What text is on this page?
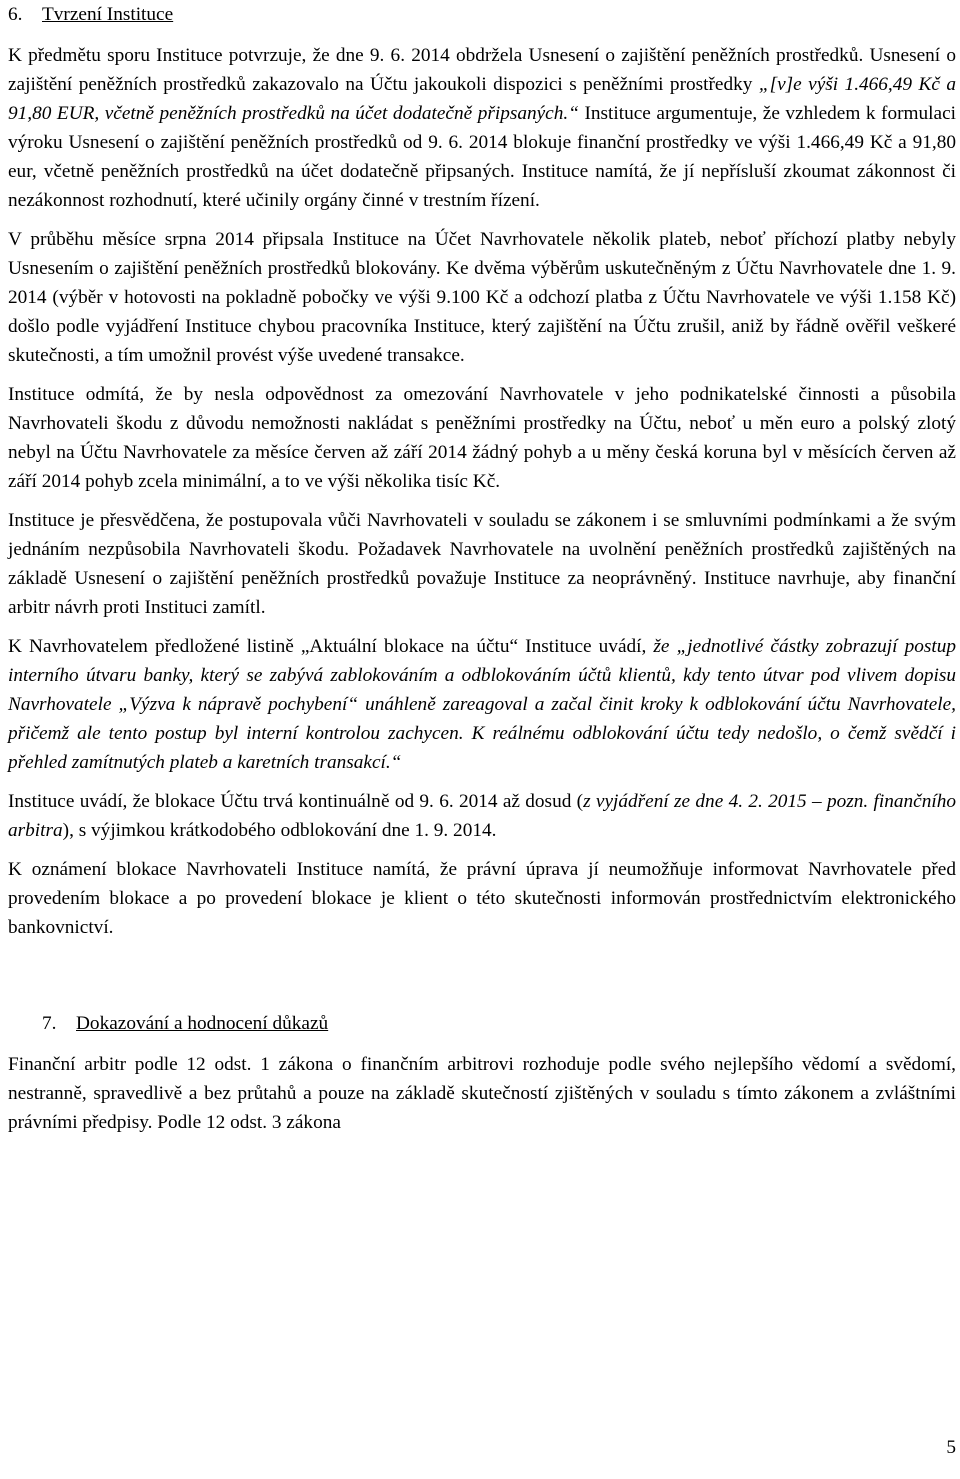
6. Tvrzení Instituce

K předmětu sporu Instituce potvrzuje, že dne 9. 6. 2014 obdržela Usnesení o zajištění peněžních prostředků. Usnesení o zajištění peněžních prostředků zakazovalo na Účtu jakoukoli dispozici s peněžními prostředky „[v]e výši 1.466,49 Kč a 91,80 EUR, včetně peněžních prostředků na účet dodatečně připsaných.“ Instituce argumentuje, že vzhledem k formulaci výroku Usnesení o zajištění peněžních prostředků od 9. 6. 2014 blokuje finanční prostředky ve výši 1.466,49 Kč a 91,80 eur, včetně peněžních prostředků na účet dodatečně připsaných. Instituce namítá, že jí nepřísluší zkoumat zákonnost či nezákonnost rozhodnutí, které učinily orgány činné v trestním řízení.

V průběhu měsíce srpna 2014 připsala Instituce na Účet Navrhovatele několik plateb, neboť příchozí platby nebyly Usnesením o zajištění peněžních prostředků blokovány. Ke dvěma výběrům uskutečněným z Účtu Navrhovatele dne 1. 9. 2014 (výběr v hotovosti na pokladně pobočky ve výši 9.100 Kč a odchozí platba z Účtu Navrhovatele ve výši 1.158 Kč) došlo podle vyjádření Instituce chybou pracovníka Instituce, který zajištění na Účtu zrušil, aniž by řádně ověřil veškeré skutečnosti, a tím umožnil provést výše uvedené transakce.

Instituce odmítá, že by nesla odpovědnost za omezování Navrhovatele v jeho podnikatelské činnosti a působila Navrhovateli škodu z důvodu nemožnosti nakládat s peněžními prostředky na Účtu, neboť u měn euro a polský zlotý nebyl na Účtu Navrhovatele za měsíce červen až září 2014 žádný pohyb a u měny česká koruna byl v měsících červen až září 2014 pohyb zcela minimální, a to ve výši několika tisíc Kč.

Instituce je přesvědčena, že postupovala vůči Navrhovateli v souladu se zákonem i se smluvními podmínkami a že svým jednáním nezpůsobila Navrhovateli škodu. Požadavek Navrhovatele na uvolnění peněžních prostředků zajištěných na základě Usnesení o zajištění peněžních prostředků považuje Instituce za neoprávněný. Instituce navrhuje, aby finanční arbitr návrh proti Instituci zamítl.

K Navrhovatelem předložené listině „Aktuální blokace na účtu“ Instituce uvádí, že „jednotlivé částky zobrazují postup interního útvaru banky, který se zabývá zablokováním a odblokováním účtů klientů, kdy tento útvar pod vlivem dopisu Navrhovatele „Výzva k nápravě pochybení“ unáhleně zareagoval a začal činit kroky k odblokování účtu Navrhovatele, přičemž ale tento postup byl interní kontrolou zachycen. K reálnému odblokování účtu tedy nedošlo, o čemž svědčí i přehled zamítnutých plateb a karetních transakcí.“

Instituce uvádí, že blokace Účtu trvá kontinuálně od 9. 6. 2014 až dosud (z vyjádření ze dne 4. 2. 2015 – pozn. finančního arbitra), s výjimkou krátkodobého odblokování dne 1. 9. 2014.

K oznámení blokace Navrhovateli Instituce namítá, že právní úprava jí neumožňuje informovat Navrhovatele před provedením blokace a po provedení blokace je klient o této skutečnosti informován prostřednictvím elektronického bankovnictví.

7. Dokazování a hodnocení důkazů

Finanční arbitr podle 12 odst. 1 zákona o finančním arbitrovi rozhoduje podle svého nejlepšího vědomí a svědomí, nestranně, spravedlivě a bez průtahů a pouze na základě skutečností zjištěných v souladu s tímto zákonem a zvláštními právními předpisy. Podle 12 odst. 3 zákona

5
